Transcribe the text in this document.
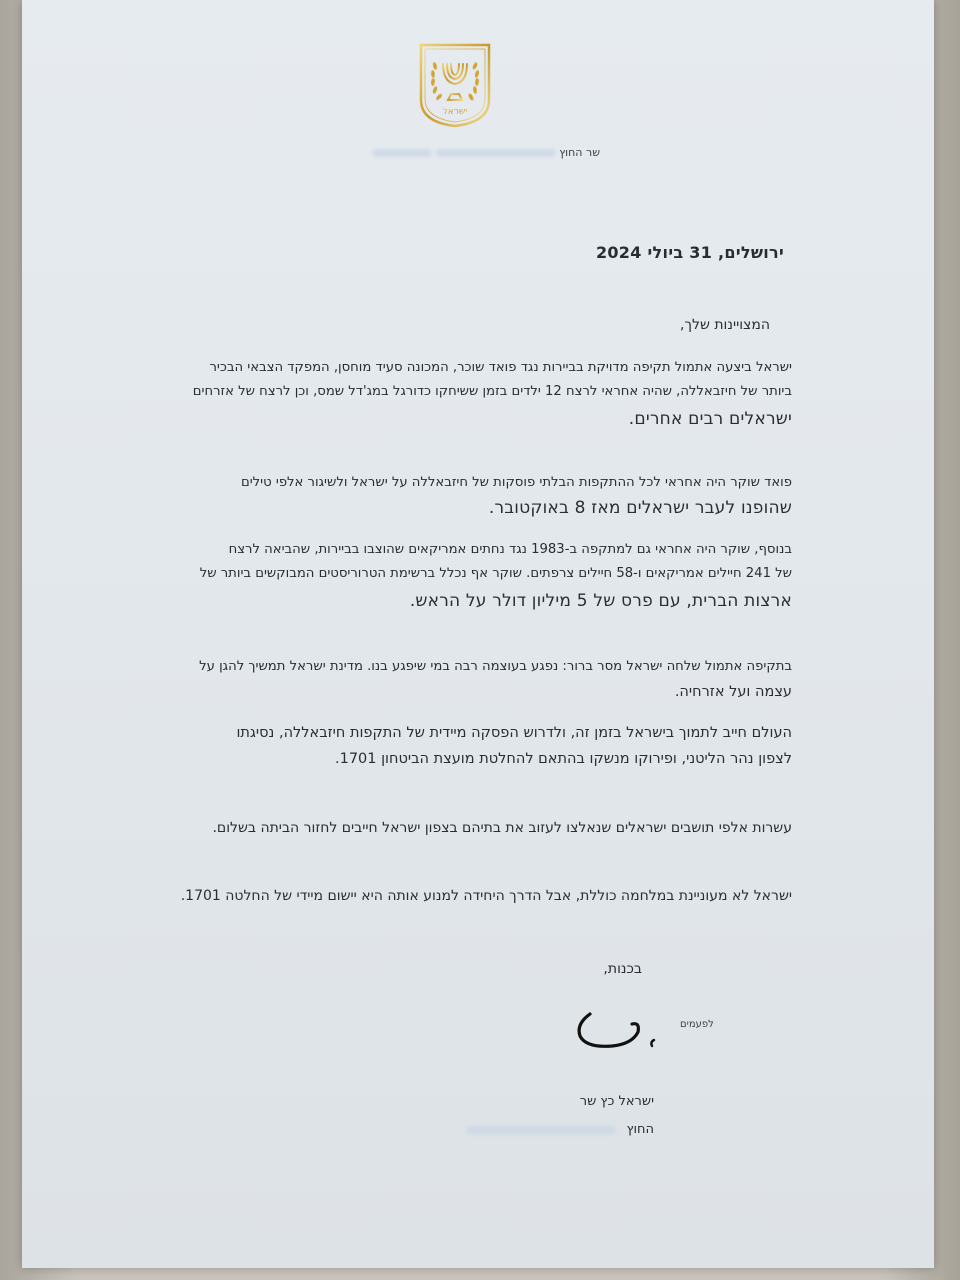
ישראל
שר החוץ
ירושלים, 31 ביולי 2024
המצויינות שלך,
ישראל ביצעה אתמול תקיפה מדויקת בביירות נגד פואד שוכר, המכונה סעיד מוחסן, המפקד הצבאי הבכיר
ביותר של חיזבאללה, שהיה אחראי לרצח 12 ילדים בזמן ששיחקו כדורגל במג'דל שמס, וכן לרצח של אזרחים
ישראלים רבים אחרים.
פואד שוקר היה אחראי לכל ההתקפות הבלתי פוסקות של חיזבאללה על ישראל ולשיגור אלפי טילים
שהופנו לעבר ישראלים מאז 8 באוקטובר.
בנוסף, שוקר היה אחראי גם למתקפה ב-1983 נגד נחתים אמריקאים שהוצבו בביירות, שהביאה לרצח
של 241 חיילים אמריקאים ו-58 חיילים צרפתים. שוקר אף נכלל ברשימת הטרוריסטים המבוקשים ביותר של
ארצות הברית, עם פרס של 5 מיליון דולר על הראש.
בתקיפה אתמול שלחה ישראל מסר ברור: נפגע בעוצמה רבה במי שיפגע בנו. מדינת ישראל תמשיך להגן על
עצמה ועל אזרחיה.
העולם חייב לתמוך בישראל בזמן זה, ולדרוש הפסקה מיידית של התקפות חיזבאללה, נסיגתו
לצפון נהר הליטני, ופירוקו מנשקו בהתאם להחלטת מועצת הביטחון 1701.
עשרות אלפי תושבים ישראלים שנאלצו לעזוב את בתיהם בצפון ישראל חייבים לחזור הביתה בשלום.
ישראל לא מעוניינת במלחמה כוללת, אבל הדרך היחידה למנוע אותה היא יישום מיידי של החלטה 1701.
בכנות,
לפעמים
ישראל כץ שר
החוץ
